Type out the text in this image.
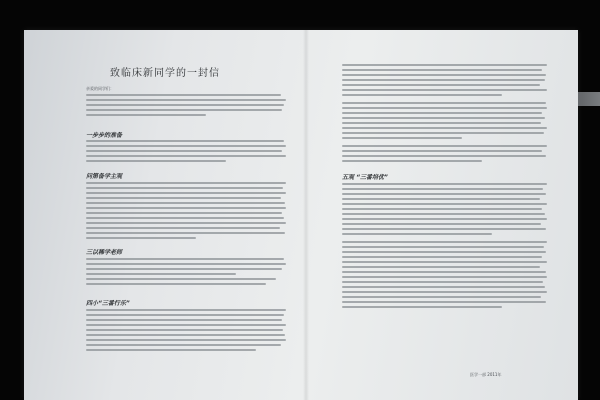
致临床新同学的一封信
亲爱的同学们：
一步步的准备
问第备学主观
三以稀学老师
四小“三番行乐”
五观 “三番培优”
医学一部 2011年
